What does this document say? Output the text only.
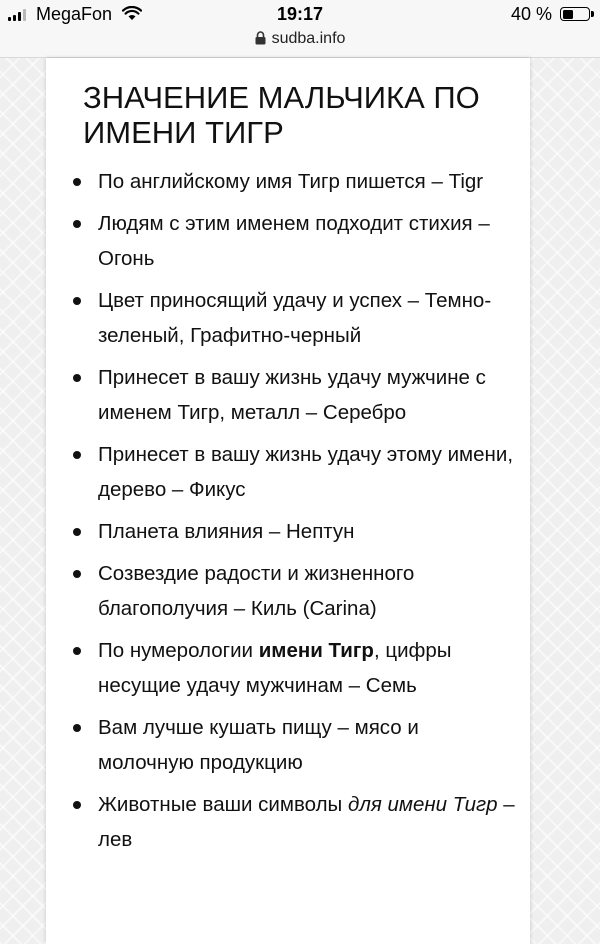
MegaFon	19:17	40 %
sudba.info
ЗНАЧЕНИЕ МАЛЬЧИКА ПО ИМЕНИ ТИГР
По английскому имя Тигр пишется – Tigr
Людям с этим именем подходит стихия – Огонь
Цвет приносящий удачу и успех – Темно-зеленый, Графитно-черный
Принесет в вашу жизнь удачу мужчине с именем Тигр, металл – Серебро
Принесет в вашу жизнь удачу этому имени, дерево – Фикус
Планета влияния – Нептун
Созвездие радости и жизненного благополучия – Киль (Carina)
По нумерологии имени Тигр, цифры несущие удачу мужчинам – Семь
Вам лучше кушать пищу – мясо и молочную продукцию
Животные ваши символы для имени Тигр – лев
